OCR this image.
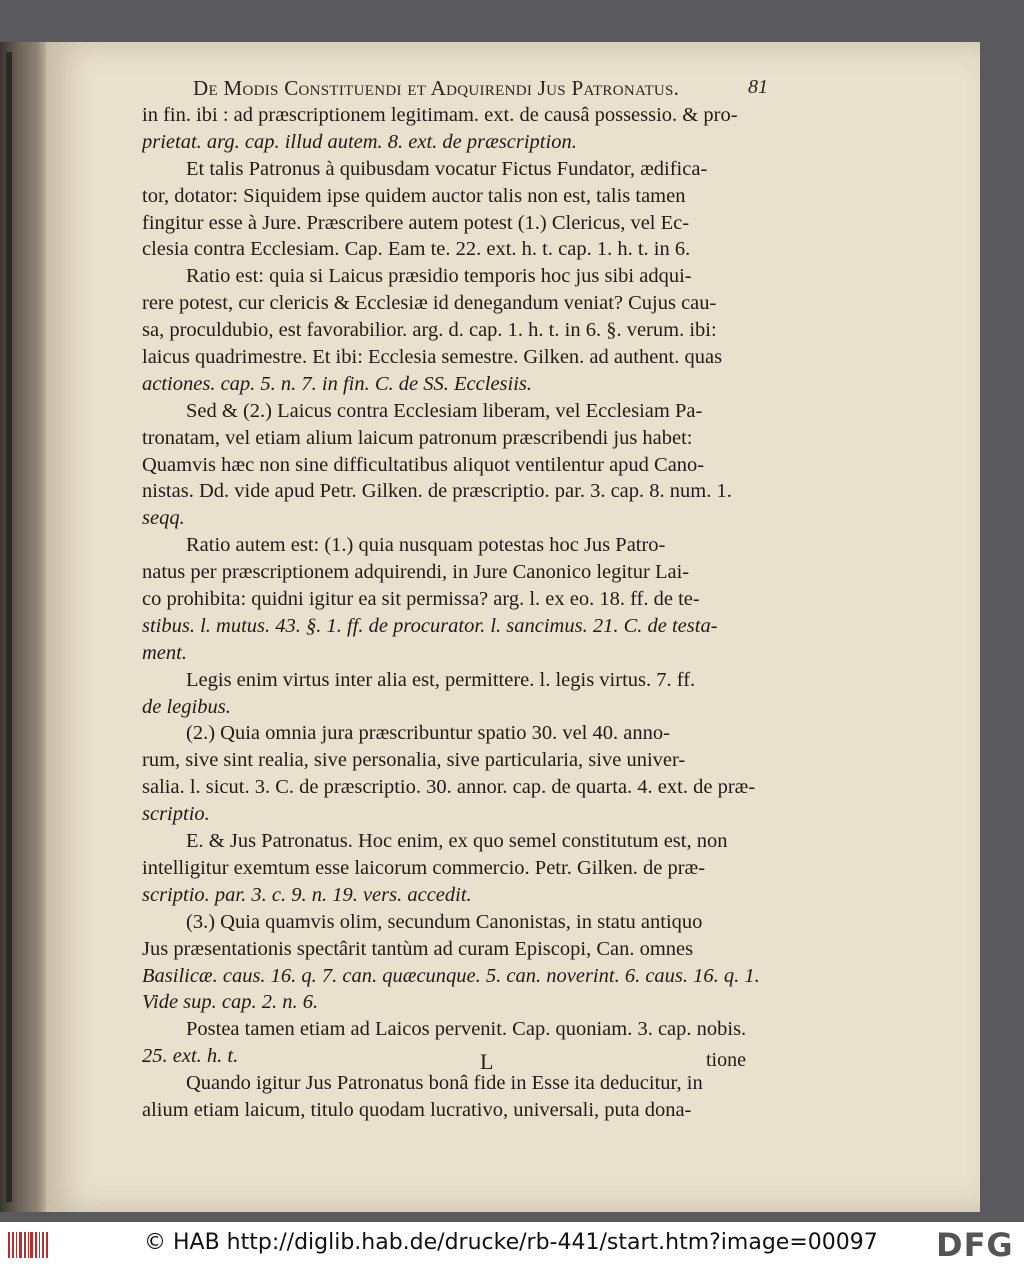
De Modis Constituendi et Adquirendi Jus Patronatus.	81
in fin. ibi : ad præscriptionem legitimam. ext. de causâ possessio. & pro-
prietat. arg. cap. illud autem. 8. ext. de præscription.
Et talis Patronus à quibusdam vocatur Fictus Fundator, ædifica-
tor, dotator: Siquidem ipse quidem auctor talis non est, talis tamen
fingitur esse à Jure. Præscribere autem potest (1.) Clericus, vel Ec-
clesia contra Ecclesiam. Cap. Eam te. 22. ext. h. t. cap. 1. h. t. in 6.
Ratio est: quia si Laicus præsidio temporis hoc jus sibi adqui-
rere potest, cur clericis & Ecclesiæ id denegandum veniat? Cujus cau-
sa, proculdubio, est favorabilior. arg. d. cap. 1. h. t. in 6. §. verum. ibi:
laicus quadrimestre. Et ibi: Ecclesia semestre. Gilken. ad authent. quas
actiones. cap. 5. n. 7. in fin. C. de SS. Ecclesiis.
Sed & (2.) Laicus contra Ecclesiam liberam, vel Ecclesiam Pa-
tronatam, vel etiam alium laicum patronum præscribendi jus habet:
Quamvis hæc non sine difficultatibus aliquot ventilentur apud Cano-
nistas. Dd. vide apud Petr. Gilken. de præscriptio. par. 3. cap. 8. num. 1.
seqq.
Ratio autem est: (1.) quia nusquam potestas hoc Jus Patro-
natus per præscriptionem adquirendi, in Jure Canonico legitur Lai-
co prohibita: quidni igitur ea sit permissa? arg. l. ex eo. 18. ff. de te-
stibus. l. mutus. 43. §. 1. ff. de procurator. l. sancimus. 21. C. de testa-
ment.
Legis enim virtus inter alia est, permittere. l. legis virtus. 7. ff.
de legibus.
(2.) Quia omnia jura præscribuntur spatio 30. vel 40. anno-
rum, sive sint realia, sive personalia, sive particularia, sive univer-
salia. l. sicut. 3. C. de præscriptio. 30. annor. cap. de quarta. 4. ext. de præ-
scriptio.
E. & Jus Patronatus. Hoc enim, ex quo semel constitutum est, non
intelligitur exemtum esse laicorum commercio. Petr. Gilken. de præ-
scriptio. par. 3. c. 9. n. 19. vers. accedit.
(3.) Quia quamvis olim, secundum Canonistas, in statu antiquo
Jus præsentationis spectârit tantùm ad curam Episcopi, Can. omnes
Basilicæ. caus. 16. q. 7. can. quæcunque. 5. can. noverint. 6. caus. 16. q. 1.
Vide sup. cap. 2. n. 6.
Postea tamen etiam ad Laicos pervenit. Cap. quoniam. 3. cap. nobis.
25. ext. h. t.
Quando igitur Jus Patronatus bonâ fide in Esse ita deducitur, in
alium etiam laicum, titulo quodam lucrativo, universali, puta dona-
L	tione
© HAB http://diglib.hab.de/drucke/rb-441/start.htm?image=00097 DFG
